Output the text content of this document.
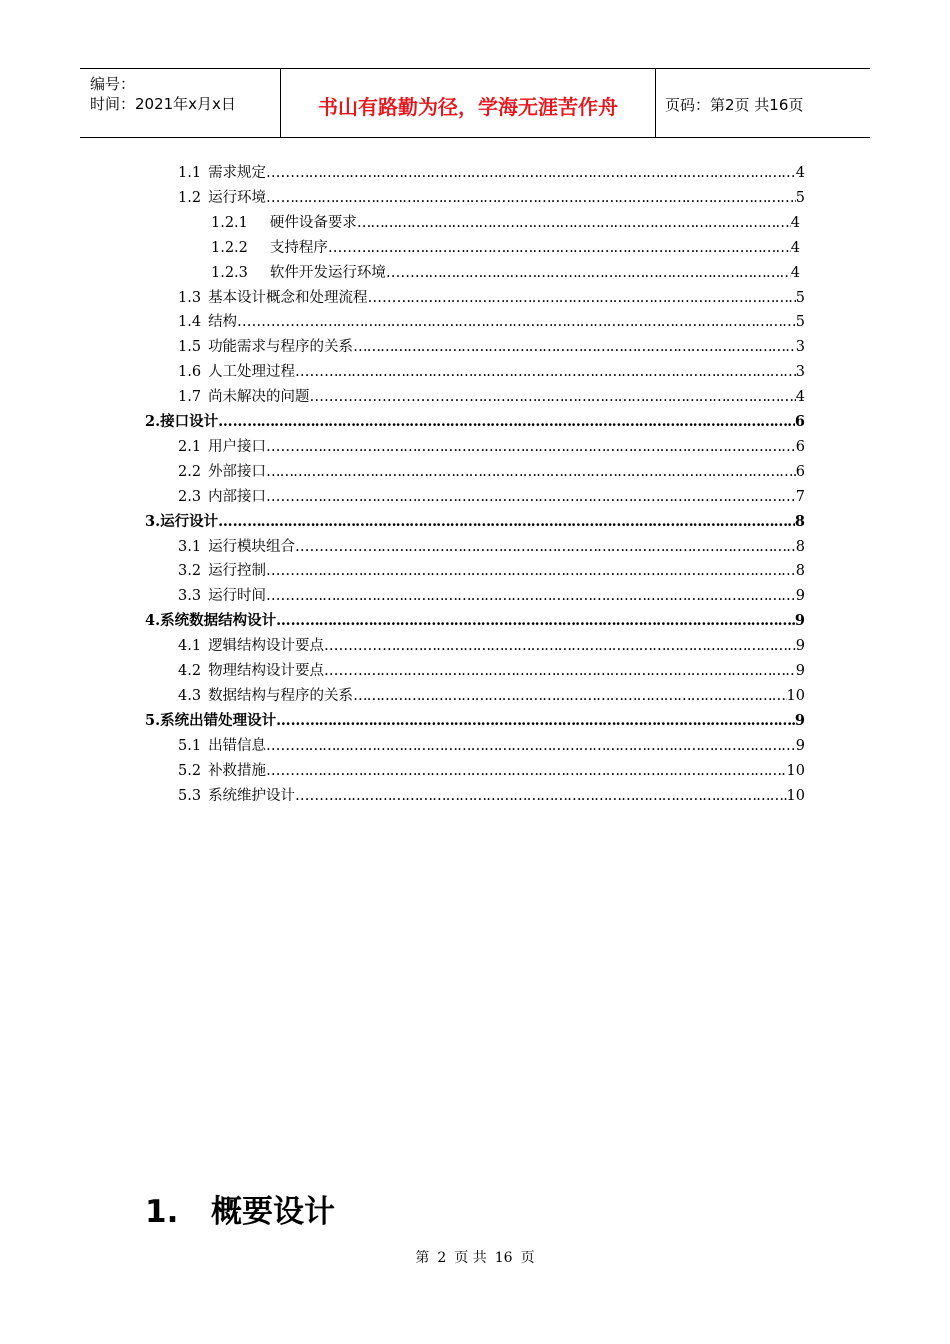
编号：
时间：2021年x月x日	书山有路勤为径，学海无涯苦作舟	页码：第2页 共16页
1.1 需求规定…… …………………………………………………………………………………………………………………………………………………………………………………………………	4
1.2 运行环境… …………………………………………………………………………………………………………………………………………………………………………………………………	5
1.2.1 硬件设备要求 …………………………………………………………………………………………………………………………………………………………………………………………………	4
1.2.2 支持程序…… …………………………………………………………………………………………………………………………………………………………………………………………………	4
1.2.3 软件开发运行环境…… …………………………………………………………………………………………………………………………………………………………………………………………………	4
1.3 基本设计概念和处理流程…… …………………………………………………………………………………………………………………………………………………………………………………………………	5
1.4 结构…………… …………………………………………………………………………………………………………………………………………………………………………………………………	5
1.5 功能需求与程序的关系 …………………………………………………………………………………………………………………………………………………………………………………………………	3
1.6 人工处理过程…… …………………………………………………………………………………………………………………………………………………………………………………………………	3
1.7 尚未解决的问题…………………………… …………………………………………………………………………………………………………………………………………………………………………………………………	4
2. 接口设计…… …………………………………………………………………………………………………………………………………………………………………………………………………	6
2.1 用户接口…… …………………………………………………………………………………………………………………………………………………………………………………………………	6
2.2 外部接口 …………………………………………………………………………………………………………………………………………………………………………………………………	6
2.3 内部接口…… …………………………………………………………………………………………………………………………………………………………………………………………………	7
3. 运行设计…… …………………………………………………………………………………………………………………………………………………………………………………………………	8
3.1 运行模块组合…………… …………………………………………………………………………………………………………………………………………………………………………………………………	8
3.2 运行控制…… …………………………………………………………………………………………………………………………………………………………………………………………………	8
3.3 运行时间…… …………………………………………………………………………………………………………………………………………………………………………………………………	9
4. 系统数据结构设计…… …………………………………………………………………………………………………………………………………………………………………………………………………	9
4.1 逻辑结构设计要点………… …………………………………………………………………………………………………………………………………………………………………………………………………	9
4.2 物理结构设计要点…… …………………………………………………………………………………………………………………………………………………………………………………………………	9
4.3 数据结构与程序的关系 …………………………………………………………………………………………………………………………………………………………………………………………………	10
5. 系统出错处理设计…… …………………………………………………………………………………………………………………………………………………………………………………………………	9
5.1 出错信息…… …………………………………………………………………………………………………………………………………………………………………………………………………	9
5.2 补救措施…… …………………………………………………………………………………………………………………………………………………………………………………………………	10
5.3 系统维护设计…… …………………………………………………………………………………………………………………………………………………………………………………………………	10
1. 概要设计
第 2 页 共 16 页
